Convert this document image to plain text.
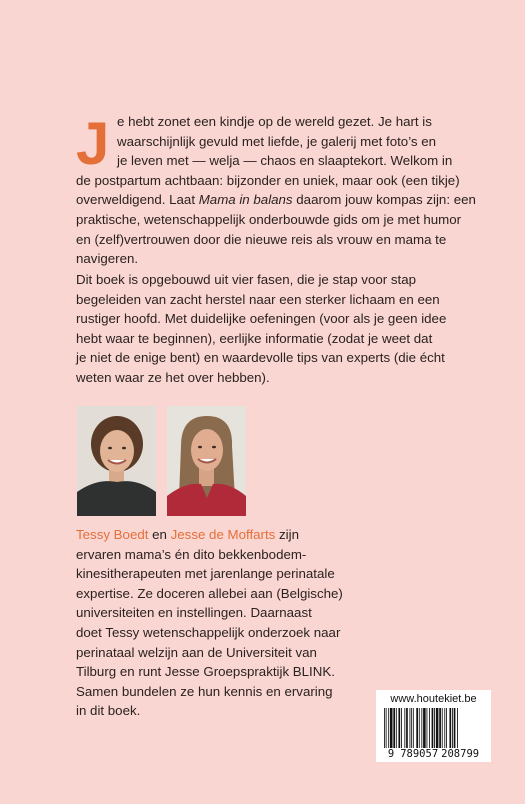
J e hebt zonet een kindje op de wereld gezet. Je hart is
waarschijnlijk gevuld met liefde, je galerij met foto’s en
je leven met — welja — chaos en slaaptekort. Welkom in
de postpartum achtbaan: bijzonder en uniek, maar ook (een tikje)
overweldigend. Laat Mama in balans daarom jouw kompas zijn: een
praktische, wetenschappelijk onderbouwde gids om je met humor
en (zelf)vertrouwen door die nieuwe reis als vrouw en mama te
navigeren.
Dit boek is opgebouwd uit vier fasen, die je stap voor stap
begeleiden van zacht herstel naar een sterker lichaam en een
rustiger hoofd. Met duidelijke oefeningen (voor als je geen idee
hebt waar te beginnen), eerlijke informatie (zodat je weet dat
je niet de enige bent) en waardevolle tips van experts (die écht
weten waar ze het over hebben).
Tessy Boedt en Jesse de Moffarts zijn
ervaren mama’s én dito bekkenbodem-
kinesitherapeuten met jarenlange perinatale
expertise. Ze doceren allebei aan (Belgische)
universiteiten en instellingen. Daarnaast
doet Tessy wetenschappelijk onderzoek naar
perinataal welzijn aan de Universiteit van
Tilburg en runt Jesse Groepspraktijk BLINK.
Samen bundelen ze hun kennis en ervaring
in dit boek.
www.houtekiet.be
9 789057 208799
